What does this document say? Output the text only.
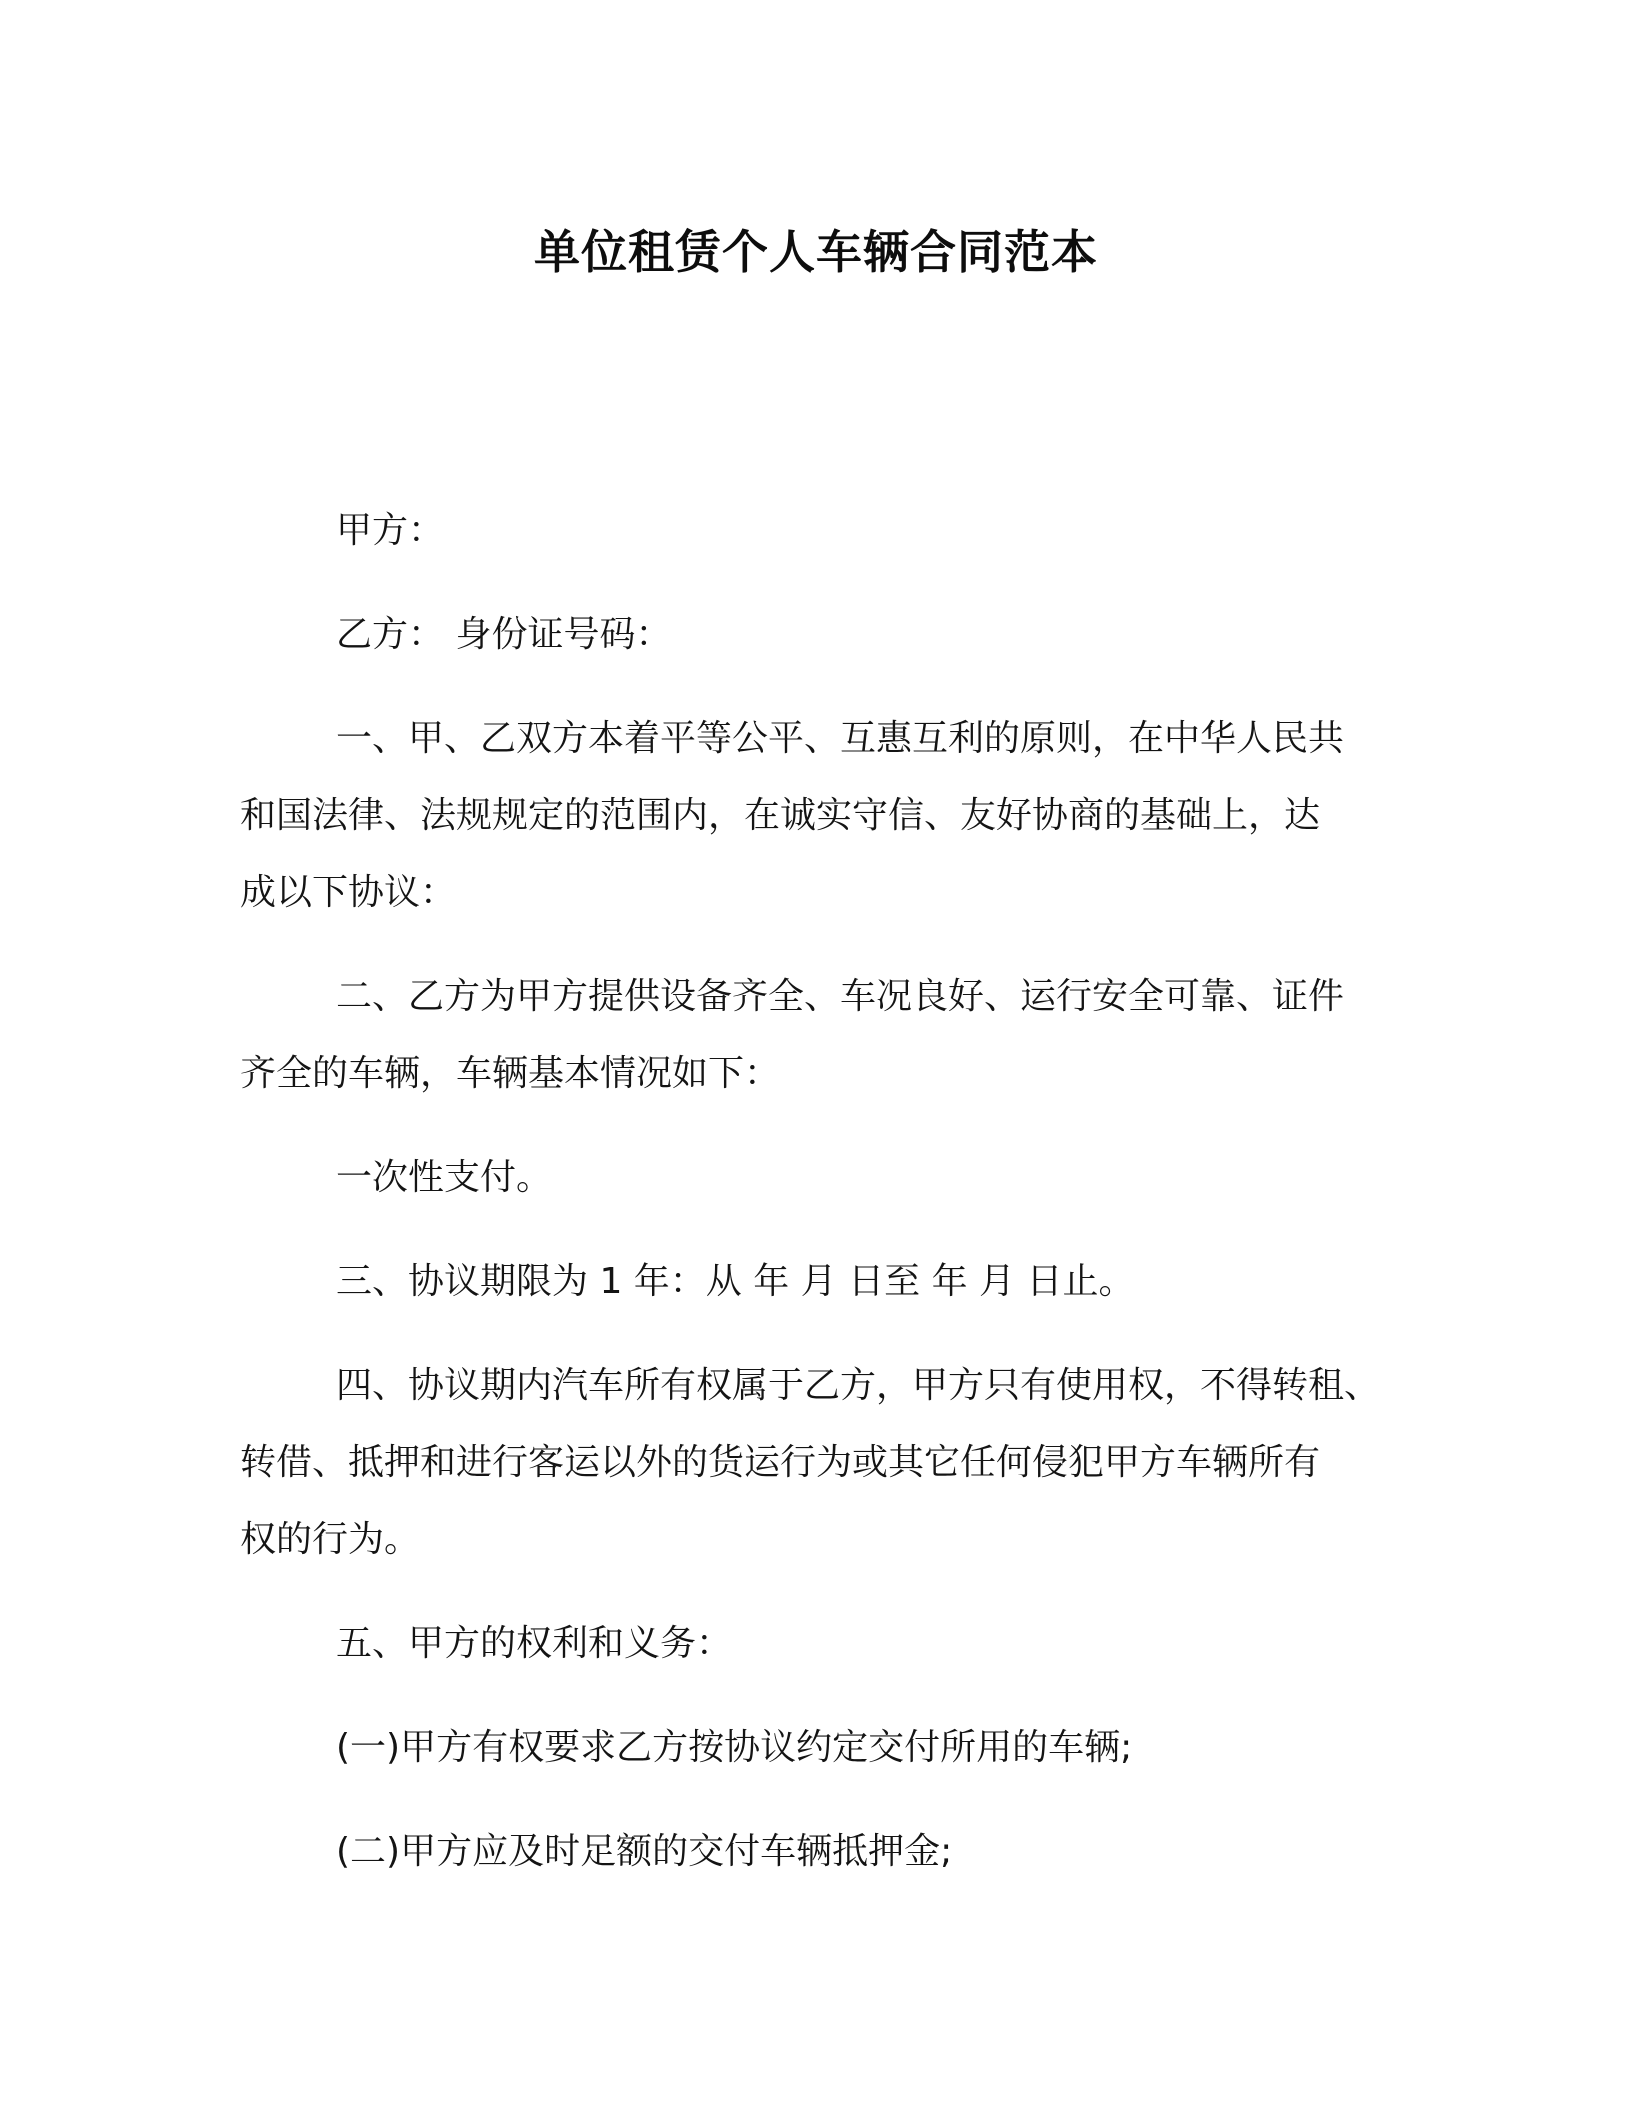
单位租赁个人车辆合同范本

甲方：

乙方： 身份证号码：

一、甲、乙双方本着平等公平、互惠互利的原则，在中华人民共
和国法律、法规规定的范围内，在诚实守信、友好协商的基础上，达
成以下协议：

二、乙方为甲方提供设备齐全、车况良好、运行安全可靠、证件
齐全的车辆，车辆基本情况如下：

一次性支付。

三、协议期限为 1 年：从 年 月 日至 年 月 日止。

四、协议期内汽车所有权属于乙方，甲方只有使用权，不得转租、
转借、抵押和进行客运以外的货运行为或其它任何侵犯甲方车辆所有
权的行为。

五、甲方的权利和义务：

(一)甲方有权要求乙方按协议约定交付所用的车辆;

(二)甲方应及时足额的交付车辆抵押金;
